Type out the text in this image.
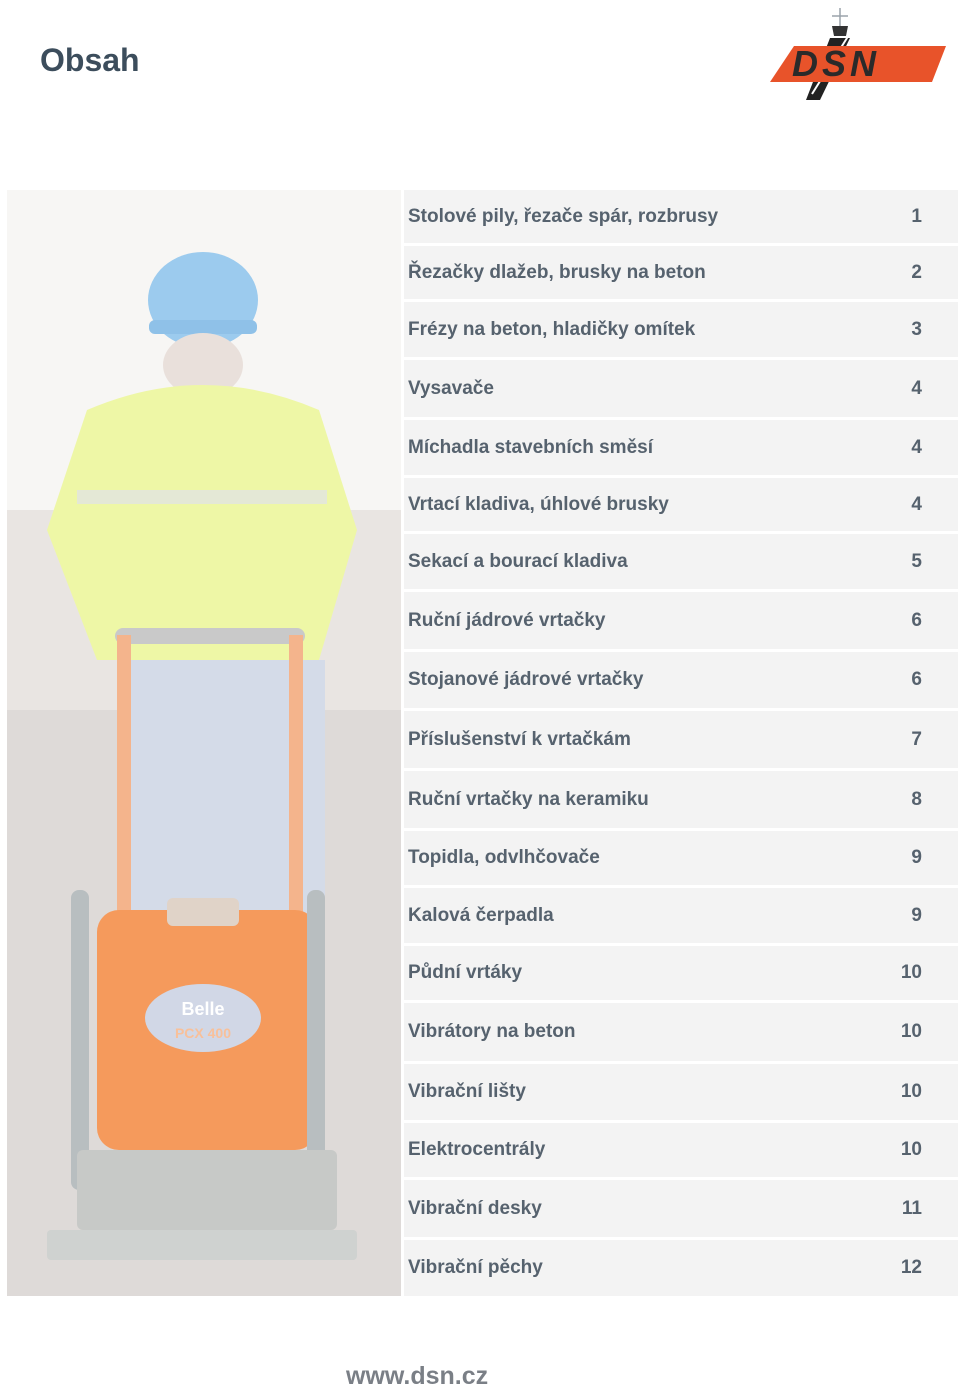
Obsah	DSN
Belle
PCX 400
Stolové pily, řezače spár, rozbrusy	1
Řezačky dlažeb, brusky na beton	2
Frézy na beton, hladičky omítek	3
Vysavače	4
Míchadla stavebních směsí	4
Vrtací kladiva, úhlové brusky	4
Sekací a bourací kladiva	5
Ruční jádrové vrtačky	6
Stojanové jádrové vrtačky	6
Příslušenství k vrtačkám	7
Ruční vrtačky na keramiku	8
Topidla, odvlhčovače	9
Kalová čerpadla	9
Půdní vrtáky	10
Vibrátory na beton	10
Vibrační lišty	10
Elektrocentrály	10
Vibrační desky	11
Vibrační pěchy	12
www.dsn.cz
